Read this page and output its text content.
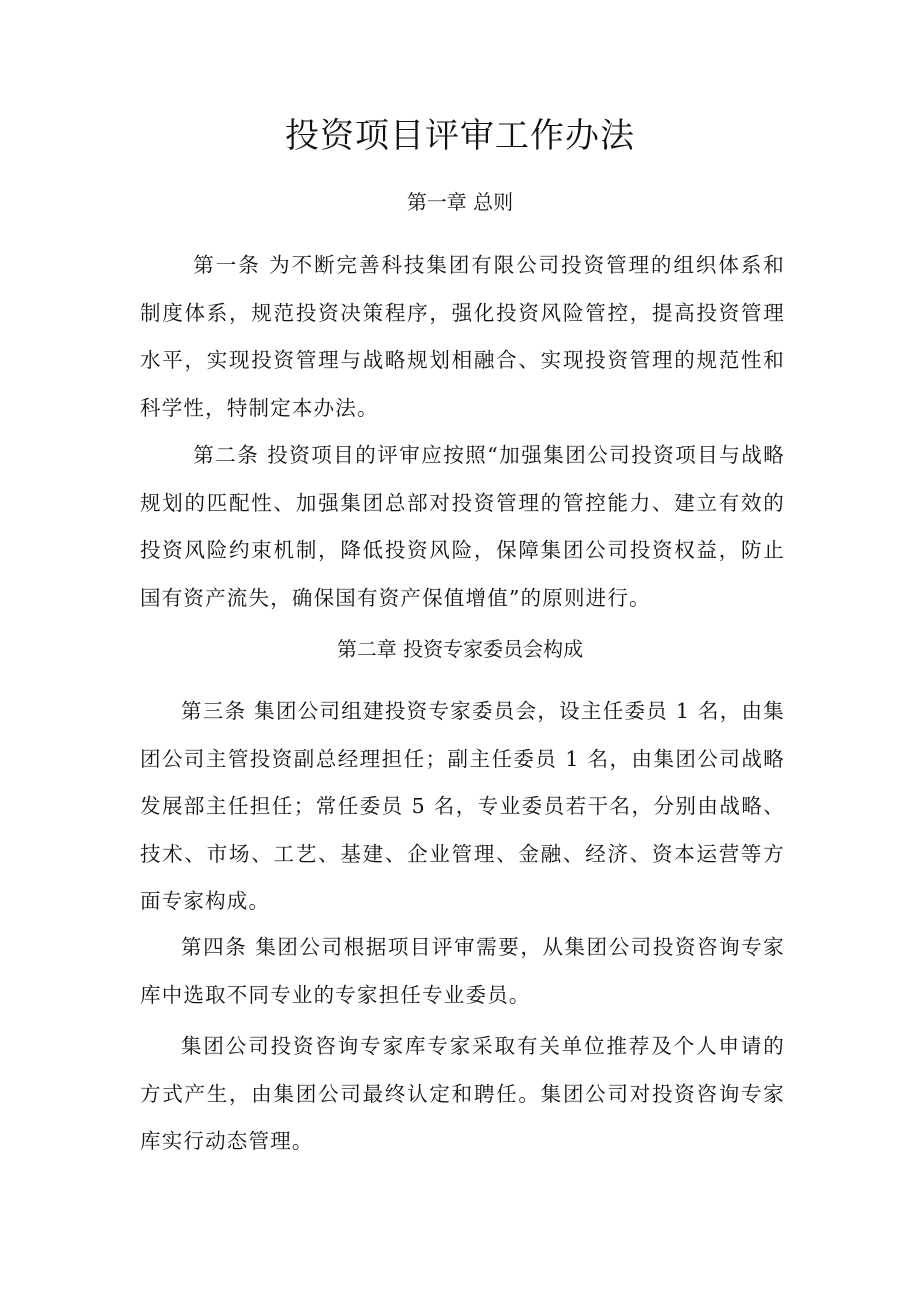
投资项目评审工作办法
第一章 总则

第一条 为不断完善科技集团有限公司投资管理的组织体系和制度体系，规范投资决策程序，强化投资风险管控，提高投资管理水平，实现投资管理与战略规划相融合、实现投资管理的规范性和科学性，特制定本办法。

第二条 投资项目的评审应按照“加强集团公司投资项目与战略规划的匹配性、加强集团总部对投资管理的管控能力、建立有效的投资风险约束机制，降低投资风险，保障集团公司投资权益，防止国有资产流失，确保国有资产保值增值”的原则进行。

第二章 投资专家委员会构成

第三条 集团公司组建投资专家委员会，设主任委员 1 名，由集团公司主管投资副总经理担任；副主任委员 1 名，由集团公司战略发展部主任担任；常任委员 5 名，专业委员若干名，分别由战略、技术、市场、工艺、基建、企业管理、金融、经济、资本运营等方面专家构成。

第四条 集团公司根据项目评审需要，从集团公司投资咨询专家库中选取不同专业的专家担任专业委员。

集团公司投资咨询专家库专家采取有关单位推荐及个人申请的方式产生，由集团公司最终认定和聘任。集团公司对投资咨询专家库实行动态管理。
